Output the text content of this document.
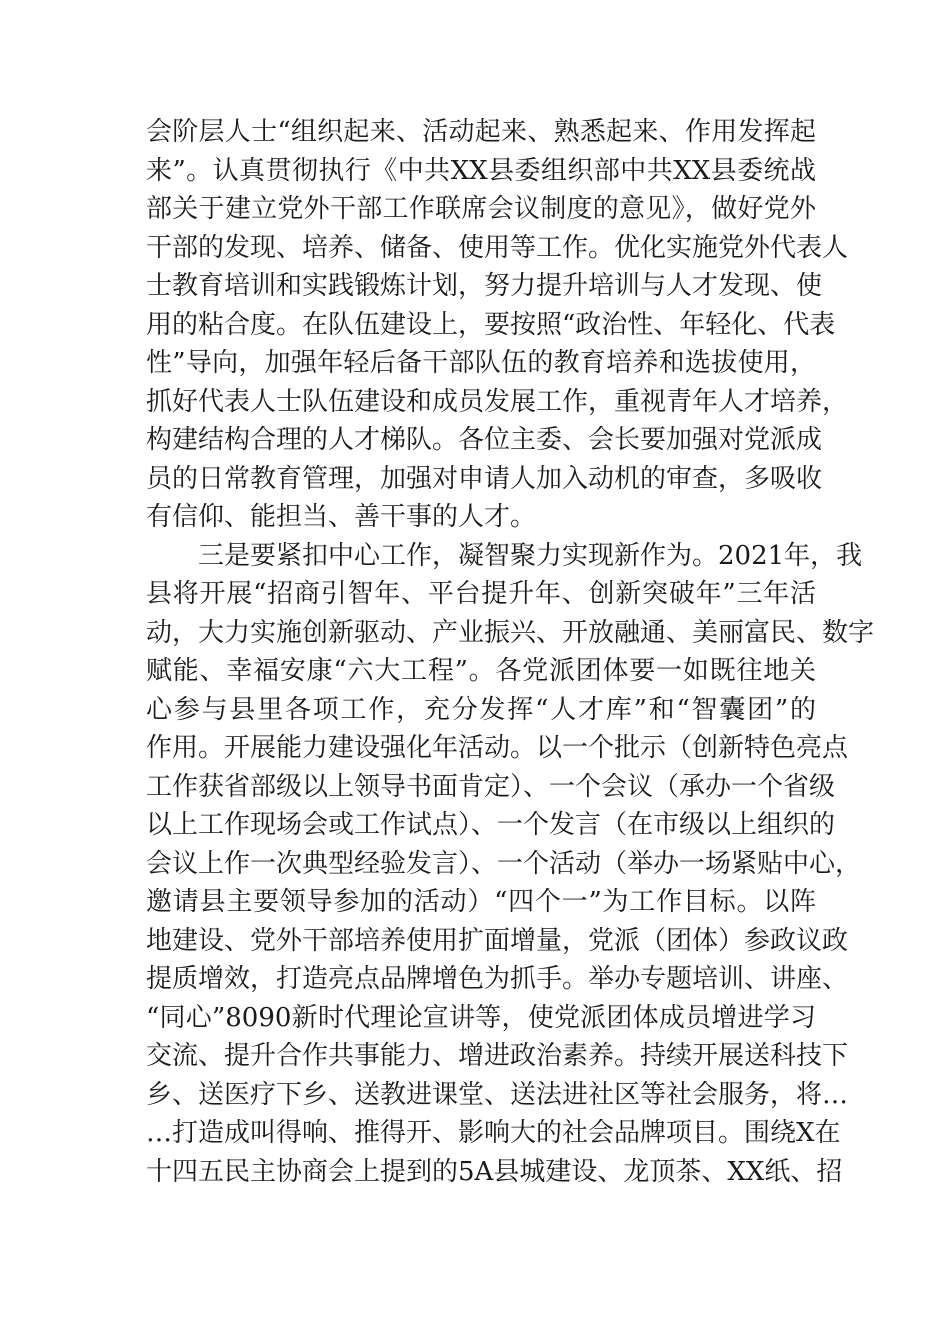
会阶层人士“组织起来、活动起来、熟悉起来、作用发挥起
来”。认真贯彻执行《中共XX县委组织部中共XX县委统战
部关于建立党外干部工作联席会议制度的意见》，做好党外
干部的发现、培养、储备、使用等工作。优化实施党外代表人
士教育培训和实践锻炼计划，努力提升培训与人才发现、使
用的粘合度。在队伍建设上，要按照“政治性、年轻化、代表
性”导向，加强年轻后备干部队伍的教育培养和选拔使用，
抓好代表人士队伍建设和成员发展工作，重视青年人才培养，
构建结构合理的人才梯队。各位主委、会长要加强对党派成
员的日常教育管理，加强对申请人加入动机的审查，多吸收
有信仰、能担当、善干事的人才。
　　三是要紧扣中心工作，凝智聚力实现新作为。2021年，我
县将开展“招商引智年、平台提升年、创新突破年”三年活
动，大力实施创新驱动、产业振兴、开放融通、美丽富民、数字
赋能、幸福安康“六大工程”。各党派团体要一如既往地关
心参与县里各项工作，充分发挥“人才库”和“智囊团”的
作用。开展能力建设强化年活动。以一个批示（创新特色亮点
工作获省部级以上领导书面肯定）、一个会议（承办一个省级
以上工作现场会或工作试点）、一个发言（在市级以上组织的
会议上作一次典型经验发言）、一个活动（举办一场紧贴中心，
邀请县主要领导参加的活动）“四个一”为工作目标。以阵
地建设、党外干部培养使用扩面增量，党派（团体）参政议政
提质增效，打造亮点品牌增色为抓手。举办专题培训、讲座、
“同心”8090新时代理论宣讲等，使党派团体成员增进学习
交流、提升合作共事能力、增进政治素养。持续开展送科技下
乡、送医疗下乡、送教进课堂、送法进社区等社会服务，将…
…打造成叫得响、推得开、影响大的社会品牌项目。围绕X在
十四五民主协商会上提到的5A县城建设、龙顶茶、XX纸、招
